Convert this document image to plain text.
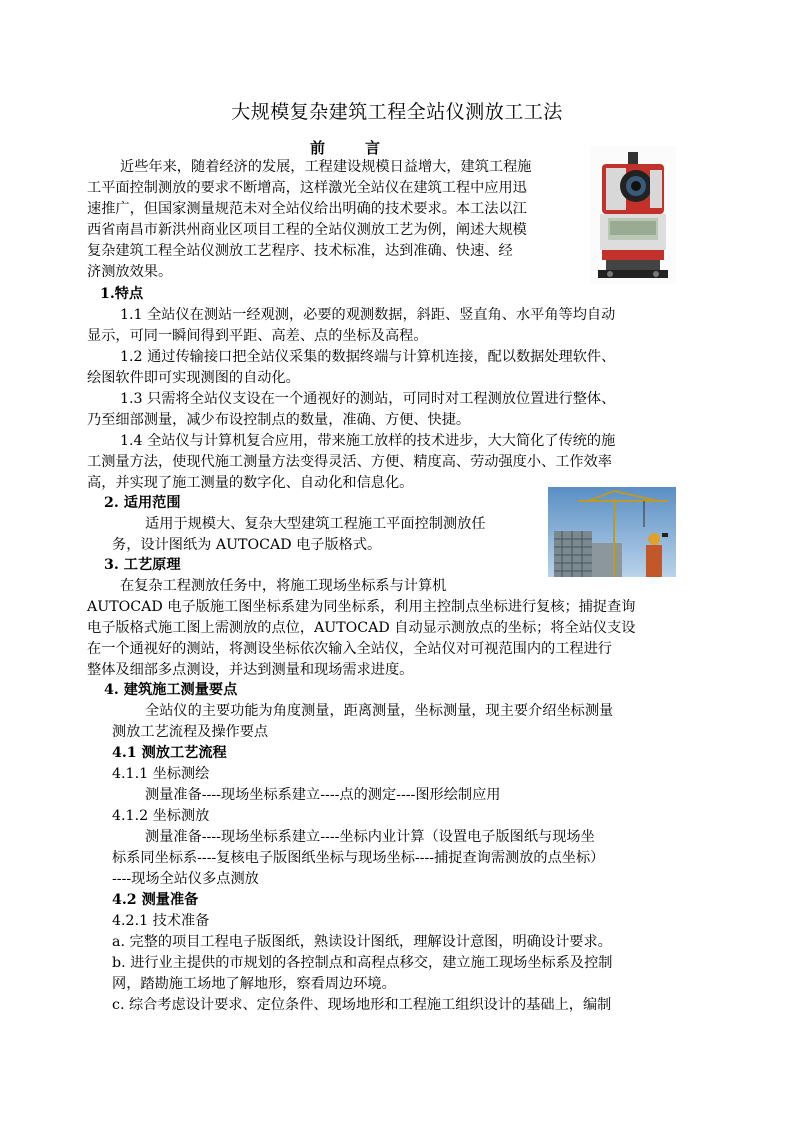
大规模复杂建筑工程全站仪测放工工法
前	言
近些年来，随着经济的发展，工程建设规模日益增大，建筑工程施
工平面控制测放的要求不断增高，这样激光全站仪在建筑工程中应用迅
速推广，但国家测量规范未对全站仪给出明确的技术要求。本工法以江
西省南昌市新洪州商业区项目工程的全站仪测放工艺为例，阐述大规模
复杂建筑工程全站仪测放工艺程序、技术标准，达到准确、快速、经
济测放效果。
1.特点
1.1 全站仪在测站一经观测，必要的观测数据，斜距、竖直角、水平角等均自动
显示，可同一瞬间得到平距、高差、点的坐标及高程。
1.2 通过传输接口把全站仪采集的数据终端与计算机连接，配以数据处理软件、
绘图软件即可实现测图的自动化。
1.3 只需将全站仪支设在一个通视好的测站，可同时对工程测放位置进行整体、
乃至细部测量，减少布设控制点的数量，准确、方便、快捷。
1.4 全站仪与计算机复合应用，带来施工放样的技术进步，大大简化了传统的施
工测量方法，使现代施工测量方法变得灵活、方便、精度高、劳动强度小、工作效率
高，并实现了施工测量的数字化、自动化和信息化。
2. 适用范围
适用于规模大、复杂大型建筑工程施工平面控制测放任
务，设计图纸为 AUTOCAD 电子版格式。
3. 工艺原理
在复杂工程测放任务中，将施工现场坐标系与计算机
AUTOCAD 电子版施工图坐标系建为同坐标系，利用主控制点坐标进行复核；捕捉查询
电子版格式施工图上需测放的点位，AUTOCAD 自动显示测放点的坐标；将全站仪支设
在一个通视好的测站，将测设坐标依次输入全站仪，全站仪对可视范围内的工程进行
整体及细部多点测设，并达到测量和现场需求进度。
4. 建筑施工测量要点
全站仪的主要功能为角度测量，距离测量，坐标测量，现主要介绍坐标测量
测放工艺流程及操作要点
4.1 测放工艺流程
4.1.1 坐标测绘
测量准备----现场坐标系建立----点的测定----图形绘制应用
4.1.2 坐标测放
测量准备----现场坐标系建立----坐标内业计算（设置电子版图纸与现场坐
标系同坐标系----复核电子版图纸坐标与现场坐标----捕捉查询需测放的点坐标）
----现场全站仪多点测放
4.2 测量准备
4.2.1 技术准备
a. 完整的项目工程电子版图纸，熟读设计图纸，理解设计意图，明确设计要求。
b. 进行业主提供的市规划的各控制点和高程点移交，建立施工现场坐标系及控制
网，踏勘施工场地了解地形，察看周边环境。
c. 综合考虑设计要求、定位条件、现场地形和工程施工组织设计的基础上，编制
